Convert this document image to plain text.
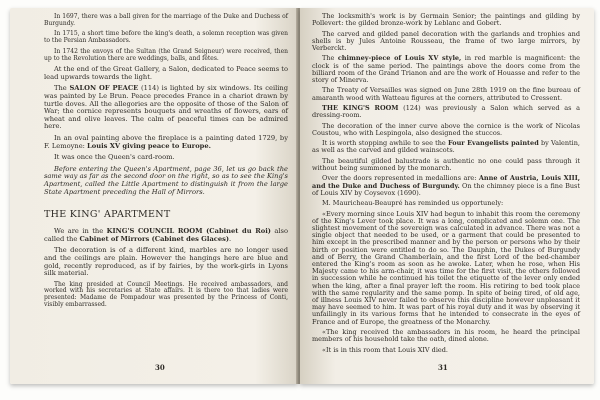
In 1697, there was a ball given for the marriage of the Duke and Duchess of Burgundy.

In 1715, a short time before the king's death, a solemn reception was given to the Persian Ambassadors.

In 1742 the envoys of the Sultan (the Grand Seigneur) were received, then up to the Revolution there are weddings, balls, and fêtes.

At the end of the Great Gallery, a Salon, dedicated to Peace seems to lead upwards towards the light.

The SALON OF PEACE (114) is lighted by six windows. Its ceiling was painted by Le Brun. Peace precedes France in a chariot drawn by turtle doves. All the allegories are the opposite of those of the Salon of War; the cornice represents bouquets and wreaths of flowers, ears of wheat and olive leaves. The calm of peaceful times can be admired here.

In an oval painting above the fireplace is a painting dated 1729, by F. Lemoyne: Louis XV giving peace to Europe.

It was once the Queen's card-room.

Before entering the Queen's Apartment, page 36, let us go back the same way as far as the second door on the right, so as to see the King's Apartment, called the Little Apartment to distinguish it from the large State Apartment preceding the Hall of Mirrors.

THE KING' APARTMENT

We are in the KING'S COUNCIL ROOM (Cabinet du Roi) also called the Cabinet of Mirrors (Cabinet des Glaces).

The decoration is of a different kind, marbles are no longer used and the ceilings are plain. However the hangings here are blue and gold, recently reproduced, as if by fairies, by the work-girls in Lyons silk material.

The king presided at Council Meetings. He received ambassadors, and worked with his secretaries at State affairs. It is there too that ladies were presented: Madame de Pompadour was presented by the Princess of Conti, visibly embarrassed.

30

The locksmith's work is by Germain Senior; the paintings and gilding by Pollevert: the gilded bronze-work by Leblanc and Gobert.

The carved and gilded panel decoration with the garlands and trophies and shells is by Jules Antoine Rousseau, the frame of two large mirrors, by Verberckt.

The chimney-piece of Louis XV style, in red marble is magnificent: the clock is of the same period. The paintings above the doors come from the billiard room of the Grand Trianon and are the work of Houasse and refer to the story of Minerva.

The Treaty of Versailles was signed on June 28th 1919 on the fine bureau of amaranth wood with Watteau figures at the corners, attributed to Cressent.

THE KING'S ROOM (124) was previously a Salon which served as a dressing-room.

The decoration of the inner curve above the cornice is the work of Nicolas Coustou, who with Lespingola, also designed the stuccos.

It is worth stopping awhile to see the Four Evangelists painted by Valentin, as well as the carved and gilded wainscots.

The beautiful gilded balustrade is authentic no one could pass through it without being summoned by the monarch.

Over the doors represented in medallions are: Anne of Austria, Louis XIII, and the Duke and Duchess of Burgundy. On the chimney piece is a fine Bust of Louis XIV by Coysevox (1690).

M. Mauricheau-Beaupré has reminded us opportunely:

«Every morning since Louis XIV had begun to inhabit this room the ceremony of the King's Lever took place. It was a long, complicated and solemn one. The slightest movement of the sovereign was calculated in advance. There was not a single object that needed to be used, or a garment that could be presented to him except in the prescribed manner and by the person or persons who by their birth or position were entitled to do so. The Dauphin, the Dukes of Burgundy and of Berry, the Grand Chamberlain, and the first Lord of the bed-chamber entered the King's room as soon as he awoke. Later, when he rose, when His Majesty came to his arm-chair, it was time for the first visit, the others followed in succession while he continued his toilet the etiquette of the lever only ended when the king, after a final prayer left the room. His retiring to bed took place with the same regularity and the same pomp. In spite of being tired, of old age, of illness Louis XIV never failed to observe this discipline however unpleasant it may have seemed to him. It was part of his royal duty and it was by observing it unfailingly in its various forms that he intended to consecrate in the eyes of France and of Europe, the greatness of the Monarchy.

«The king received the ambassadors in his room, he heard the principal members of his household take the oath, dined alone.

«It is in this room that Louis XIV died.

31
